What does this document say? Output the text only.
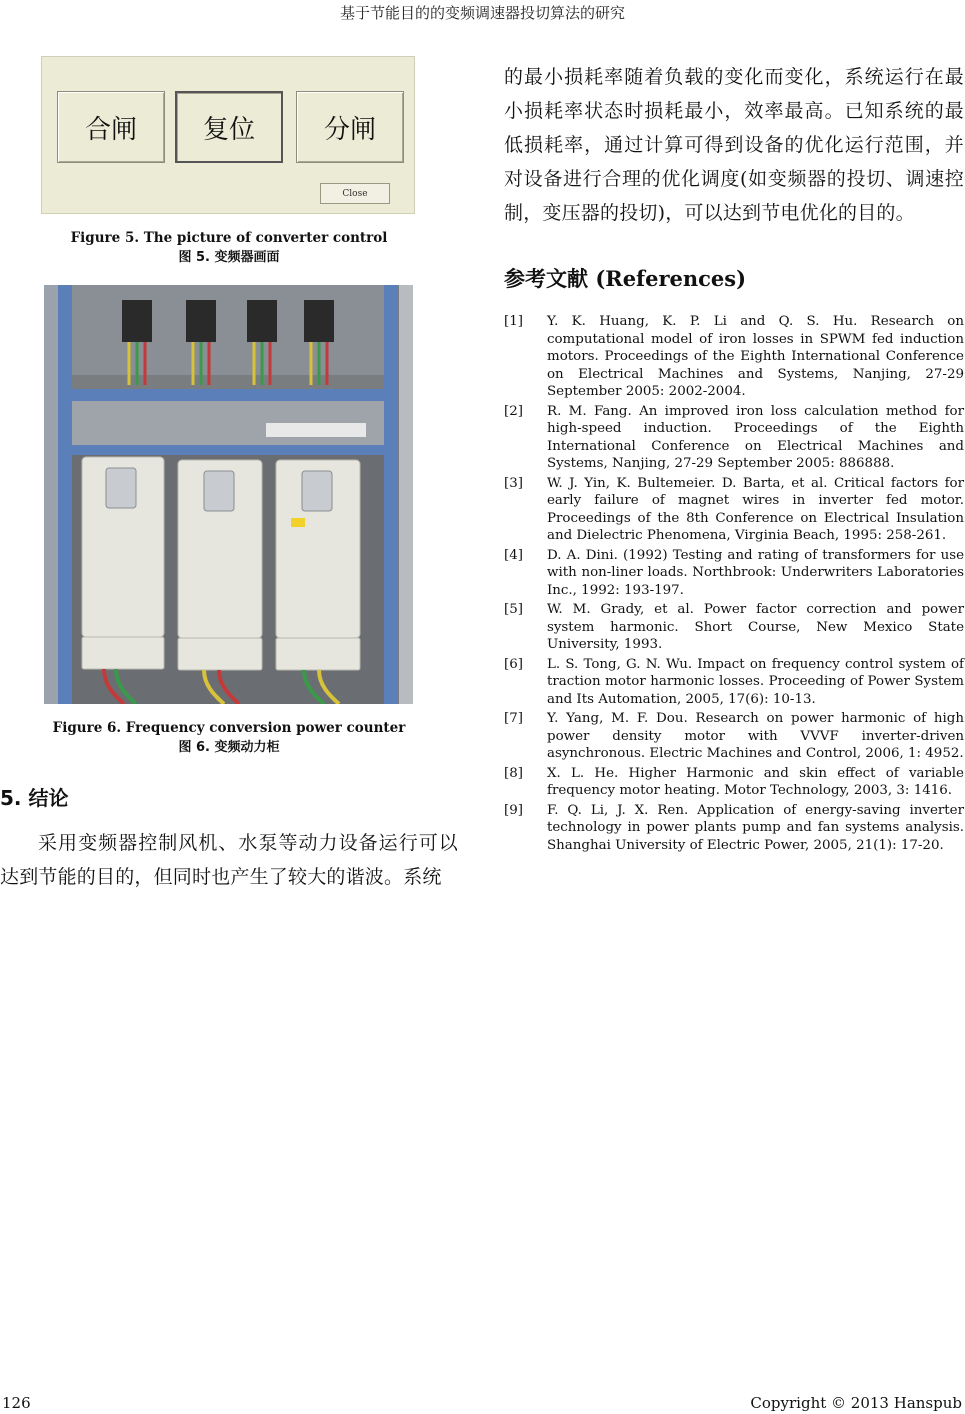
基于节能目的的变频调速器投切算法的研究
合闸	复位	分闸
Close
Figure 5. The picture of converter control
图 5. 变频器画面
Figure 6. Frequency conversion power counter
图 6. 变频动力柜
5. 结论
采用变频器控制风机、水泵等动力设备运行可以达到节能的目的，但同时也产生了较大的谐波。系统
的最小损耗率随着负载的变化而变化，系统运行在最小损耗率状态时损耗最小，效率最高。已知系统的最低损耗率，通过计算可得到设备的优化运行范围，并对设备进行合理的优化调度(如变频器的投切、调速控制，变压器的投切)，可以达到节电优化的目的。
参考文献 (References)
[1]	Y. K. Huang, K. P. Li and Q. S. Hu. Research on computational model of iron losses in SPWM fed induction motors. Proceedings of the Eighth International Conference on Electrical Machines and Systems, Nanjing, 27-29 September 2005: 2002-2004.
[2]	R. M. Fang. An improved iron loss calculation method for high-speed induction. Proceedings of the Eighth International Conference on Electrical Machines and Systems, Nanjing, 27-29 September 2005: 886888.
[3]	W. J. Yin, K. Bultemeier. D. Barta, et al. Critical factors for early failure of magnet wires in inverter fed motor. Proceedings of the 8th Conference on Electrical Insulation and Dielectric Phenomena, Virginia Beach, 1995: 258-261.
[4]	D. A. Dini. (1992) Testing and rating of transformers for use with non-liner loads. Northbrook: Underwriters Laboratories Inc., 1992: 193-197.
[5]	W. M. Grady, et al. Power factor correction and power system harmonic. Short Course, New Mexico State University, 1993.
[6]	L. S. Tong, G. N. Wu. Impact on frequency control system of traction motor harmonic losses. Proceeding of Power System and Its Automation, 2005, 17(6): 10-13.
[7]	Y. Yang, M. F. Dou. Research on power harmonic of high power density motor with VVVF inverter-driven asynchronous. Electric Machines and Control, 2006, 1: 4952.
[8]	X. L. He. Higher Harmonic and skin effect of variable frequency motor heating. Motor Technology, 2003, 3: 1416.
[9]	F. Q. Li, J. X. Ren. Application of energy-saving inverter technology in power plants pump and fan systems analysis. Shanghai University of Electric Power, 2005, 21(1): 17-20.
126	Copyright © 2013 Hanspub
